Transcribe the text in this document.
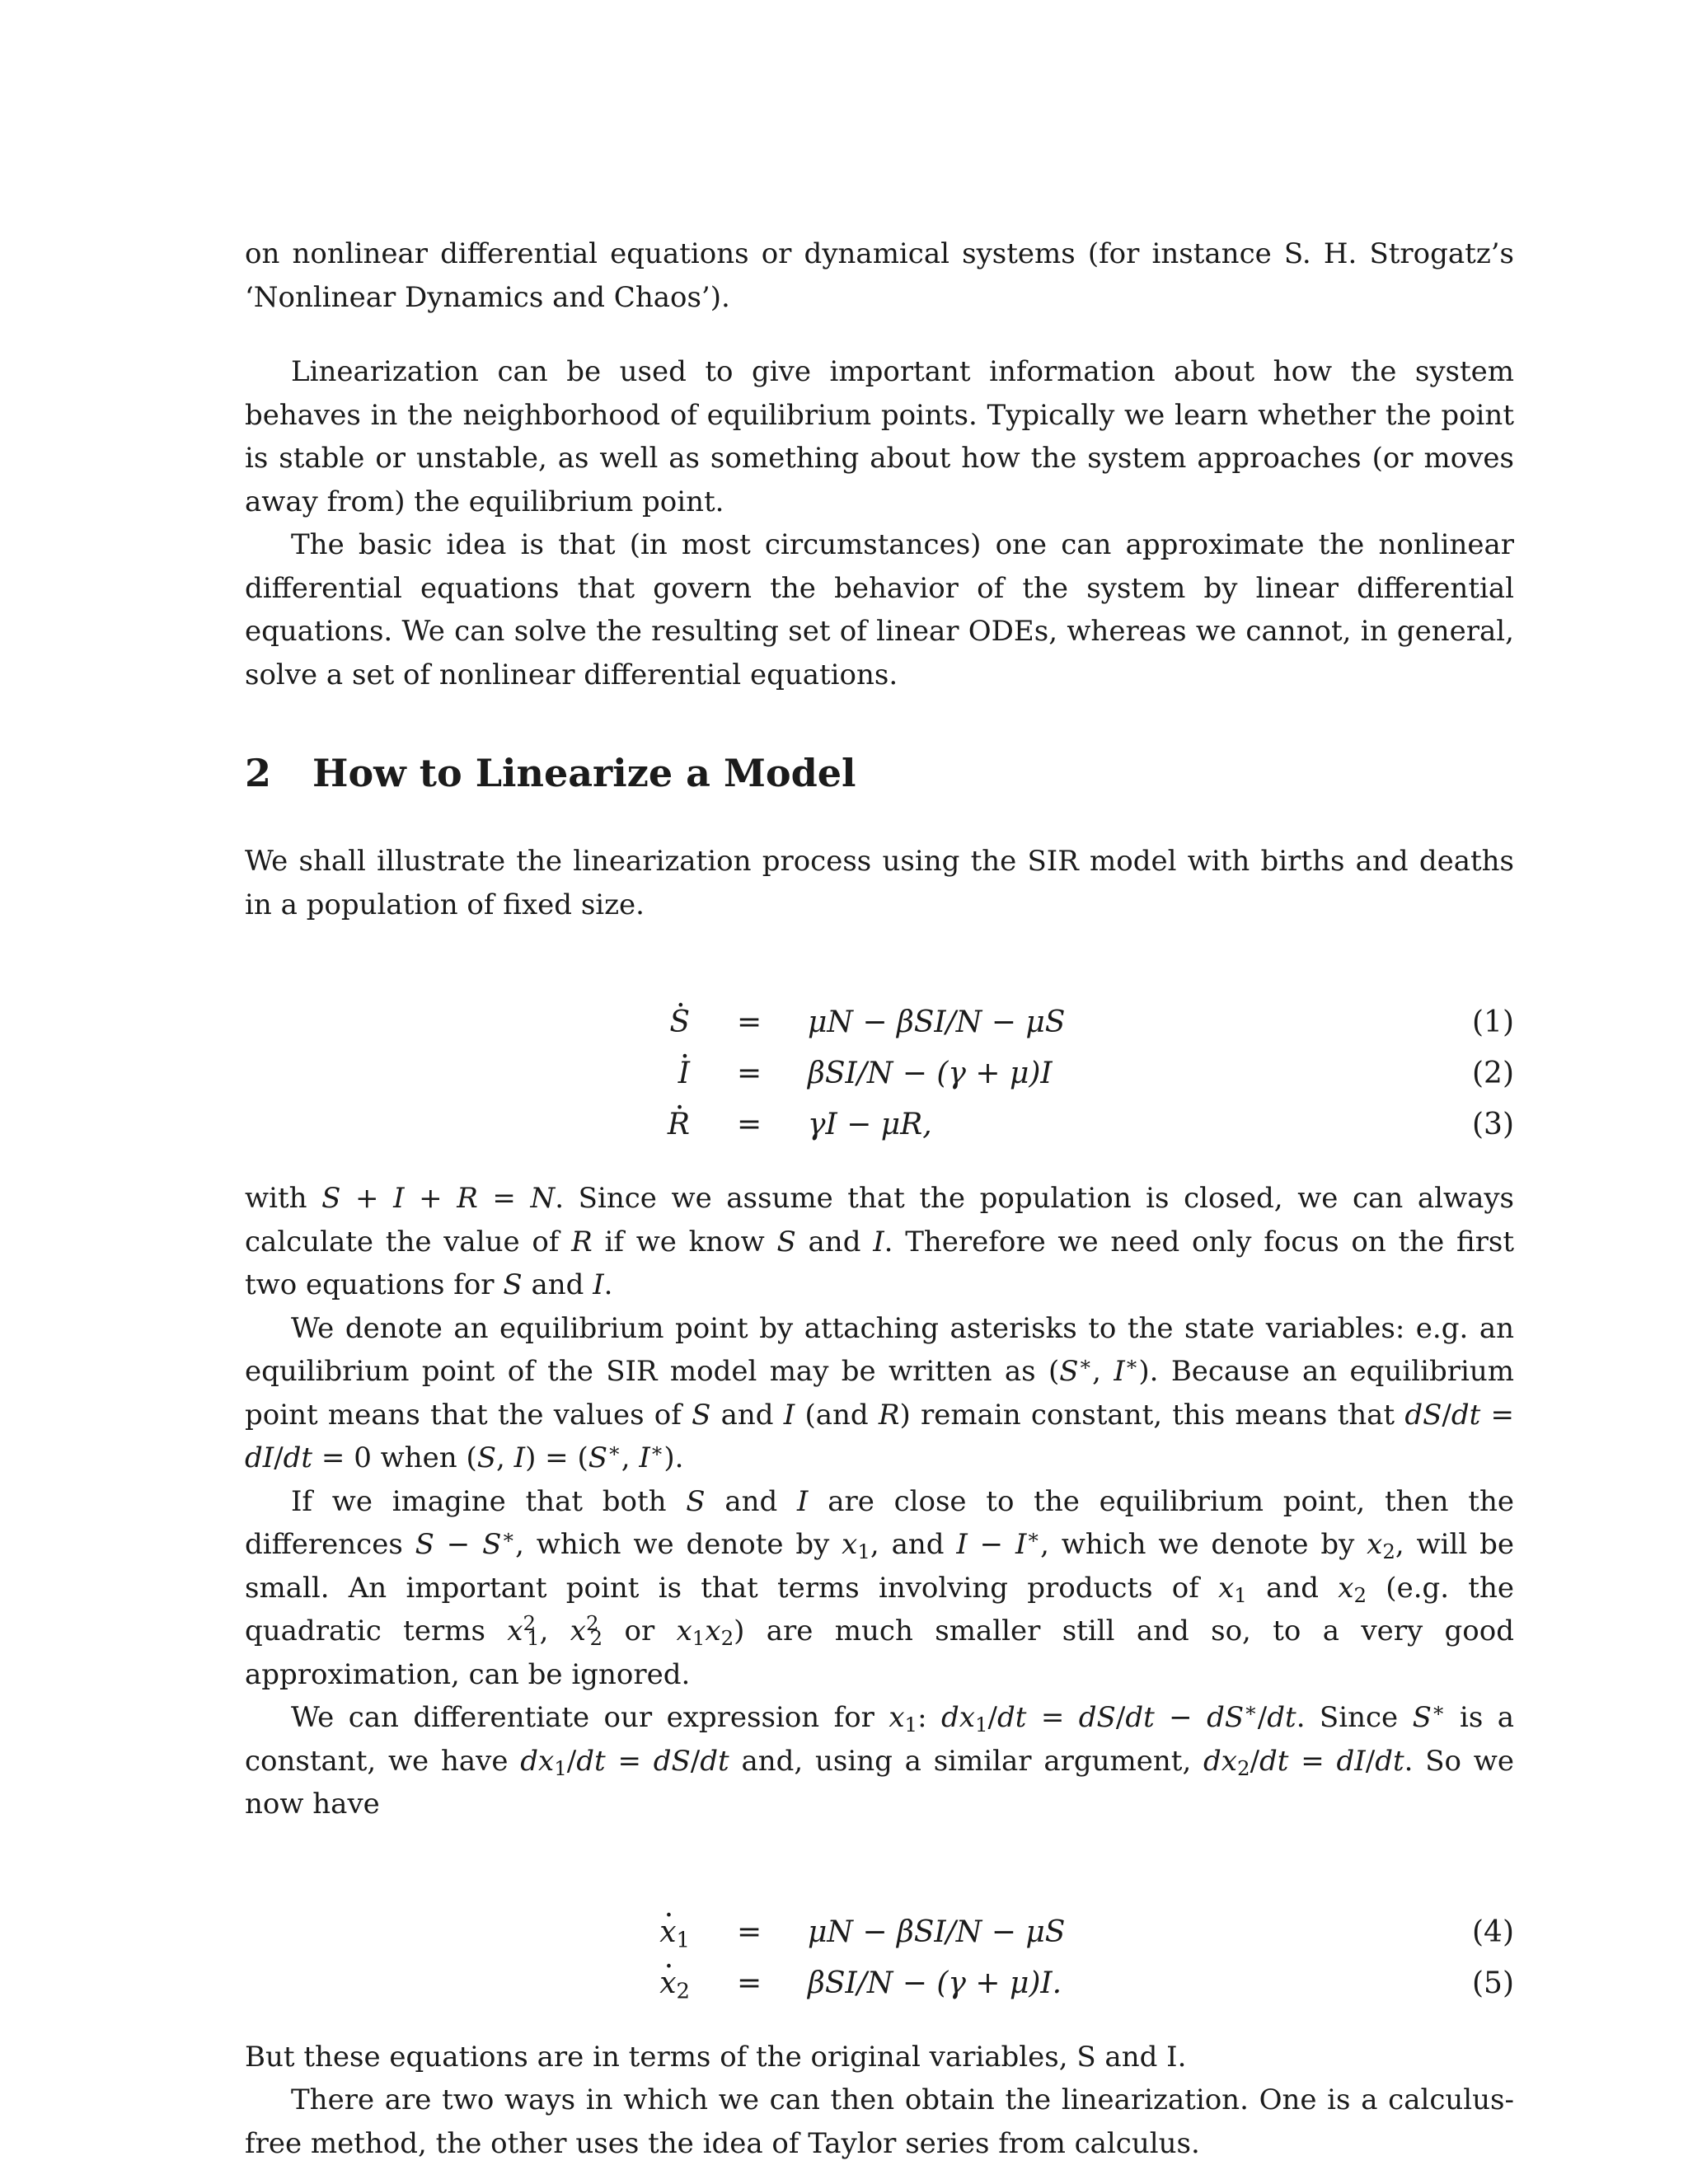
on nonlinear differential equations or dynamical systems (for instance S. H. Strogatz’s ‘Nonlinear Dynamics and Chaos’).

Linearization can be used to give important information about how the system behaves in the neighborhood of equilibrium points. Typically we learn whether the point is stable or unstable, as well as something about how the system approaches (or moves away from) the equilibrium point.

The basic idea is that (in most circumstances) one can approximate the nonlinear differential equations that govern the behavior of the system by linear differential equations. We can solve the resulting set of linear ODEs, whereas we cannot, in general, solve a set of nonlinear differential equations.

2 How to Linearize a Model

We shall illustrate the linearization process using the SIR model with births and deaths in a population of fixed size.

· S = μN − βSI/N − μS	(1)
· I = βSI/N − (γ + μ)I	(2)
· R = γI − μR,	(3)

with S + I + R = N. Since we assume that the population is closed, we can always calculate the value of R if we know S and I. Therefore we need only focus on the first two equations for S and I.

We denote an equilibrium point by attaching asterisks to the state variables: e.g. an equilibrium point of the SIR model may be written as (S∗, I∗). Because an equilibrium point means that the values of S and I (and R) remain constant, this means that dS/dt = dI/dt = 0 when (S, I) = (S∗, I∗).

If we imagine that both S and I are close to the equilibrium point, then the differences S − S∗, which we denote by $x_1$, and I − I∗, which we denote by $x_2$, will be small. An important point is that terms involving products of $x_1$ and $x_2$ (e.g. the quadratic terms $x^2_1$, $x^2_2$ or $x_1x_2$) are much smaller still and so, to a very good approximation, can be ignored.

We can differentiate our expression for $x_1$: $dx_1/dt = dS/dt - dS^∗/dt$. Since S∗ is a constant, we have $dx_1/dt = dS/dt$ and, using a similar argument, $dx_2/dt = dI/dt$. So we now have

· $x_1 = \mu N - \beta SI/N - \mu S$	(4)
· $x_2 = \beta SI/N - (\gamma + \mu)I$.	(5)

But these equations are in terms of the original variables, S and I.

There are two ways in which we can then obtain the linearization. One is a calculus-free method, the other uses the idea of Taylor series from calculus.
